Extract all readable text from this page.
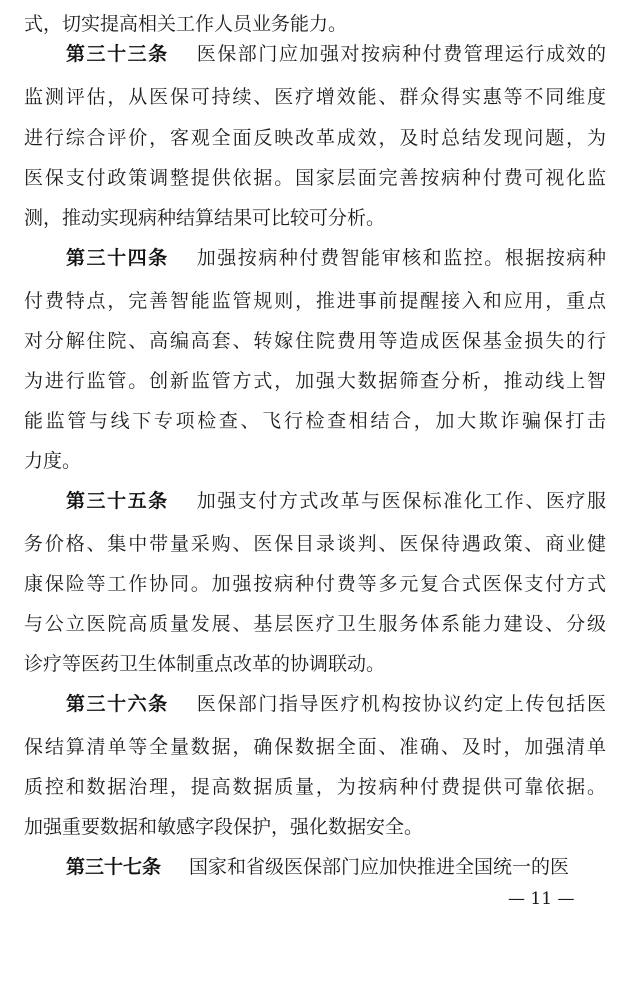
式，切实提高相关工作人员业务能力。
第三十三条 医保部门应加强对按病种付费管理运行成效的
监测评估，从医保可持续、医疗增效能、群众得实惠等不同维度
进行综合评价，客观全面反映改革成效，及时总结发现问题，为
医保支付政策调整提供依据。国家层面完善按病种付费可视化监
测，推动实现病种结算结果可比较可分析。
第三十四条 加强按病种付费智能审核和监控。根据按病种
付费特点，完善智能监管规则，推进事前提醒接入和应用，重点
对分解住院、高编高套、转嫁住院费用等造成医保基金损失的行
为进行监管。创新监管方式，加强大数据筛查分析，推动线上智
能监管与线下专项检查、飞行检查相结合，加大欺诈骗保打击
力度。
第三十五条 加强支付方式改革与医保标准化工作、医疗服
务价格、集中带量采购、医保目录谈判、医保待遇政策、商业健
康保险等工作协同。加强按病种付费等多元复合式医保支付方式
与公立医院高质量发展、基层医疗卫生服务体系能力建设、分级
诊疗等医药卫生体制重点改革的协调联动。
第三十六条 医保部门指导医疗机构按协议约定上传包括医
保结算清单等全量数据，确保数据全面、准确、及时，加强清单
质控和数据治理，提高数据质量，为按病种付费提供可靠依据。
加强重要数据和敏感字段保护，强化数据安全。
第三十七条 国家和省级医保部门应加快推进全国统一的医
— 11 —
